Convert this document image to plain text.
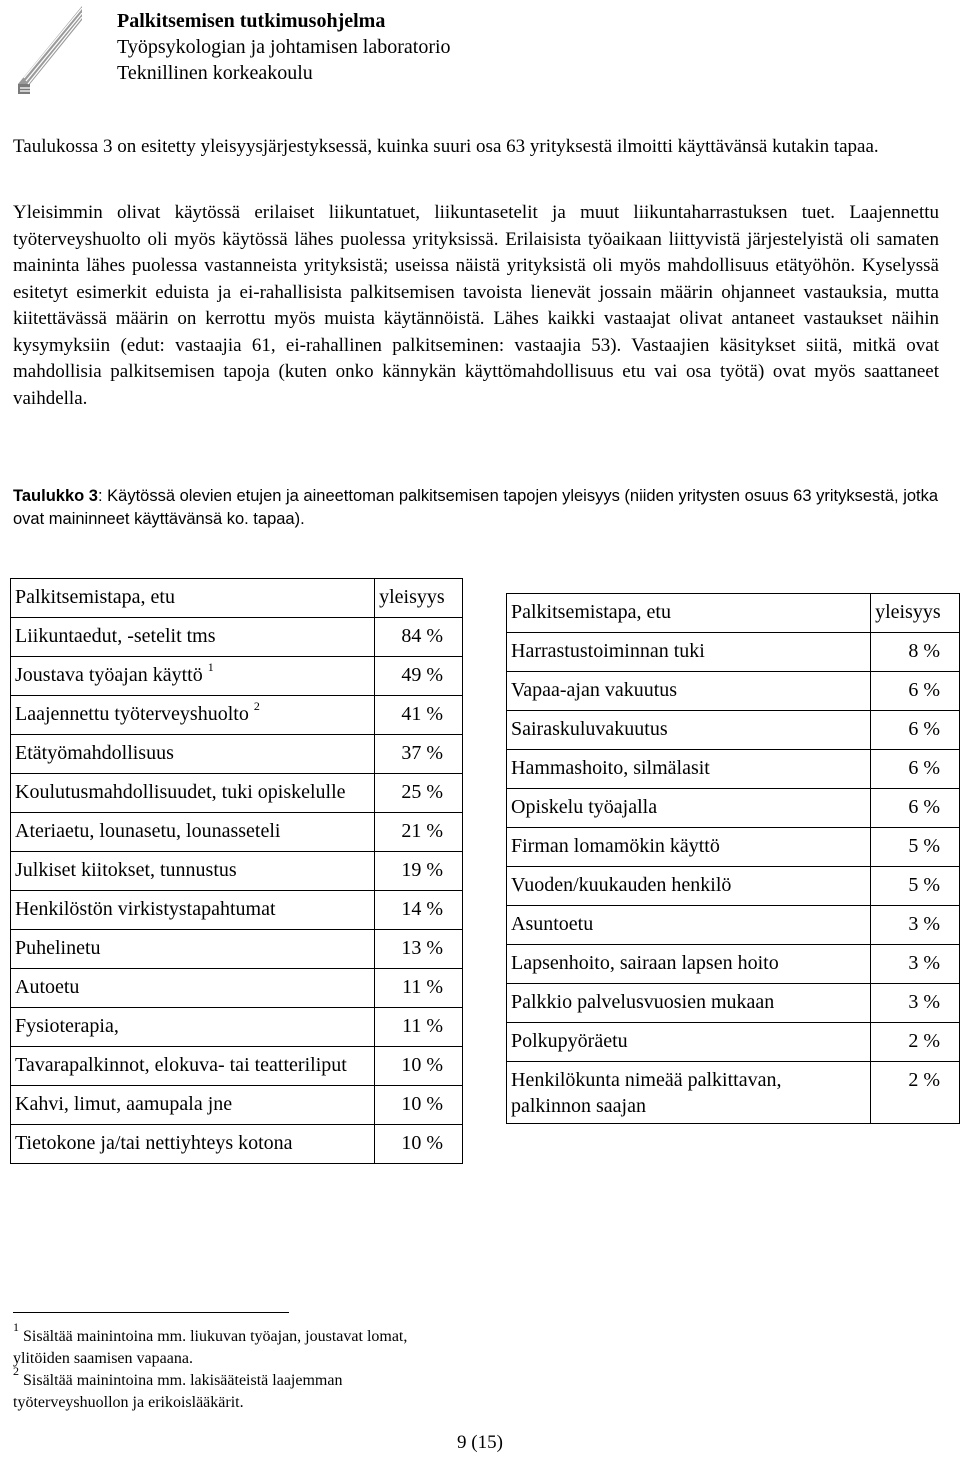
Palkitsemisen tutkimusohjelma
Työpsykologian ja johtamisen laboratorio
Teknillinen korkeakoulu

Taulukossa 3 on esitetty yleisyysjärjestyksessä, kuinka suuri osa 63 yrityksestä ilmoitti käyttävänsä kutakin tapaa.

Yleisimmin olivat käytössä erilaiset liikuntatuet, liikuntasetelit ja muut liikuntaharrastuksen tuet. Laajennettu työterveyshuolto oli myös käytössä lähes puolessa yrityksissä. Erilaisista työaikaan liittyvistä järjestelyistä oli samaten maininta lähes puolessa vastanneista yrityksistä; useissa näistä yrityksistä oli myös mahdollisuus etätyöhön. Kyselyssä esitetyt esimerkit eduista ja ei-rahallisista palkitsemisen tavoista lienevät jossain määrin ohjanneet vastauksia, mutta kiitettävässä määrin on kerrottu myös muista käytännöistä. Lähes kaikki vastaajat olivat antaneet vastaukset näihin kysymyksiin (edut: vastaajia 61, ei-rahallinen palkitseminen: vastaajia 53). Vastaajien käsitykset siitä, mitkä ovat mahdollisia palkitsemisen tapoja (kuten onko kännykän käyttömahdollisuus etu vai osa työtä) ovat myös saattaneet vaihdella.

Taulukko 3: Käytössä olevien etujen ja aineettoman palkitsemisen tapojen yleisyys (niiden yritysten osuus 63 yrityksestä, jotka ovat maininneet käyttävänsä ko. tapaa).
Palkitsemistapa, etu	yleisyys
Liikuntaedut, -setelit tms	84 %
Joustava työajan käyttö $^1$	49 %
Laajennettu työterveyshuolto $^2$	41 %
Etätyömahdollisuus	37 %
Koulutusmahdollisuudet, tuki opiskelulle	25 %
Ateriaetu, lounasetu, lounasseteli	21 %
Julkiset kiitokset, tunnustus	19 %
Henkilöstön virkistystapahtumat	14 %
Puhelinetu	13 %
Autoetu	11 %
Fysioterapia,	11 %
Tavarapalkinnot, elokuva- tai teatteriliput	10 %
Kahvi, limut, aamupala jne	10 %
Tietokone ja/tai nettiyhteys kotona	10 %
Palkitsemistapa, etu	yleisyys
Harrastustoiminnan tuki	8 %
Vapaa-ajan vakuutus	6 %
Sairaskuluvakuutus	6 %
Hammashoito, silmälasit	6 %
Opiskelu työajalla	6 %
Firman lomamökin käyttö	5 %
Vuoden/kuukauden henkilö	5 %
Asuntoetu	3 %
Lapsenhoito, sairaan lapsen hoito	3 %
Palkkio palvelusvuosien mukaan	3 %
Polkupyöräetu	2 %
Henkilökunta nimeää palkittavan, palkinnon saajan	2 %
$^1$ Sisältää mainintoina mm. liukuvan työajan, joustavat lomat, ylitöiden saamisen vapaana.
$^2$ Sisältää mainintoina mm. lakisääteistä laajemman työterveyshuollon ja erikoislääkärit.
9 (15)
